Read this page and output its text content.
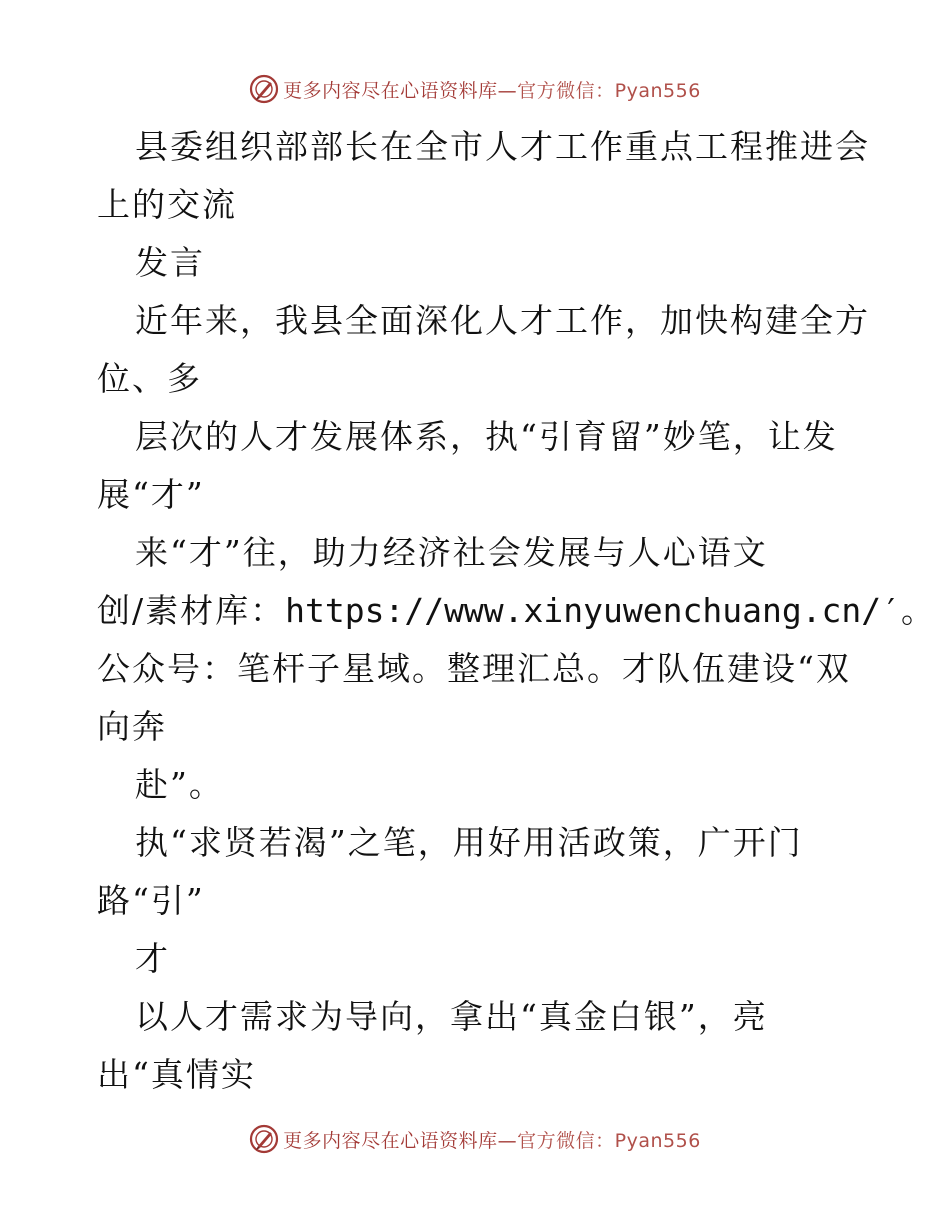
更多内容尽在心语资料库—官方微信：Pyan556
县委组织部部长在全市人才工作重点工程推进会
上的交流
发言
近年来，我县全面深化人才工作，加快构建全方
位、多
层次的人才发展体系，执“引育留”妙笔，让发
展“才”
来“才”往，助力经济社会发展与人心语文
创/素材库：https://www.xinyuwenchuang.cn/′。
公众号：笔杆子星域。整理汇总。才队伍建设“双
向奔
赴”。
执“求贤若渴”之笔，用好用活政策，广开门
路“引”
才
以人才需求为导向，拿出“真金白银”，亮
出“真情实
更多内容尽在心语资料库—官方微信：Pyan556
